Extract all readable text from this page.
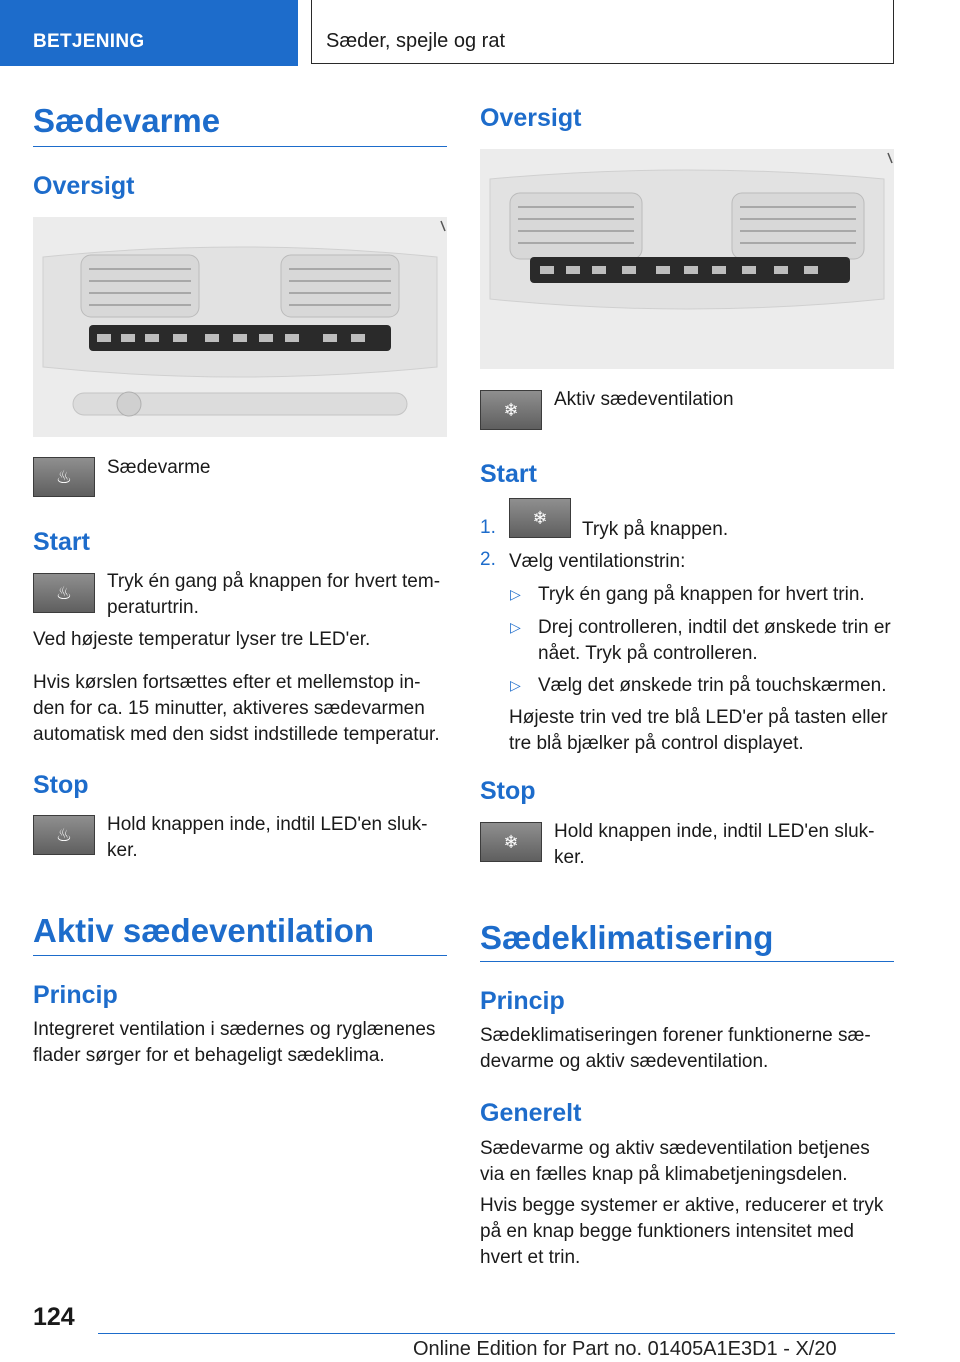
BETJENING	Sæder, spejle og rat
Sædevarme
Oversigt
♨	Sædevarme
Start
♨
Tryk én gang på knappen for hvert tem-
peraturtrin.
Ved højeste temperatur lyser tre LED'er.
Hvis kørslen fortsættes efter et mellemstop in-
den for ca. 15 minutter, aktiveres sædevarmen
automatisk med den sidst indstillede temperatur.
Stop
♨	Hold knappen inde, indtil LED'en sluk-
ker.
Aktiv sædeventilation
Princip
Integreret ventilation i sædernes og ryglænenes
flader sørger for et behageligt sædeklima.
Oversigt
❄	Aktiv sædeventilation
Start
1.	❄
Tryk på knappen.
2. Vælg ventilationstrin:
▷ Tryk én gang på knappen for hvert trin.
▷ Drej controlleren, indtil det ønskede trin er
nået. Tryk på controlleren.
▷ Vælg det ønskede trin på touchskærmen.
Højeste trin ved tre blå LED'er på tasten eller
tre blå bjælker på control displayet.
Stop
❄	Hold knappen inde, indtil LED'en sluk-
ker.
Sædeklimatisering
Princip
Sædeklimatiseringen forener funktionerne sæ-
devarme og aktiv sædeventilation.
Generelt
Sædevarme og aktiv sædeventilation betjenes
via en fælles knap på klimabetjeningsdelen.
Hvis begge systemer er aktive, reducerer et tryk
på en knap begge funktioners intensitet med
hvert et trin.
124
Online Edition for Part no. 01405A1E3D1 - X/20
